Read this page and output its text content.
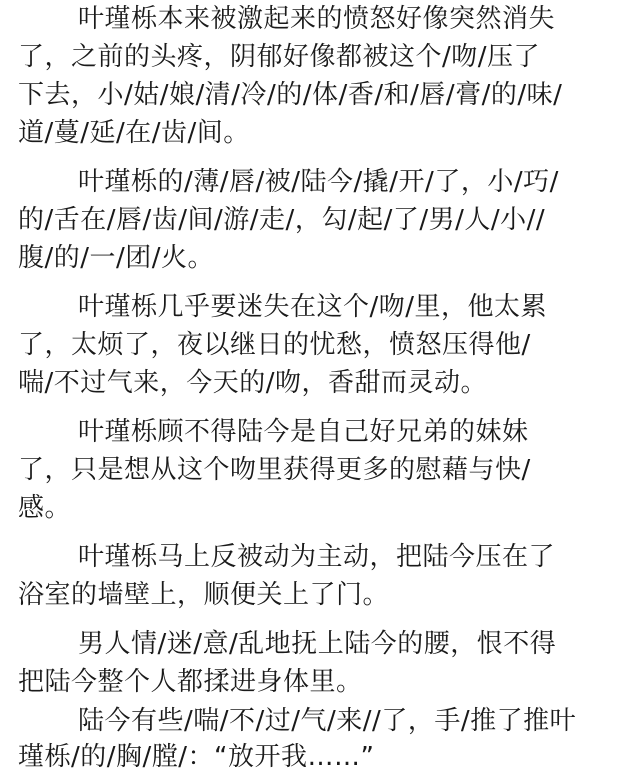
叶瑾栎本来被激起来的愤怒好像突然消失
了，之前的头疼，阴郁好像都被这个/吻/压了
下去，小/姑/娘/清/冷/的/体/香/和/唇/膏/的/味/
道/蔓/延/在/齿/间。
叶瑾栎的/薄/唇/被/陆今/撬/开/了，小/巧/
的/舌在/唇/齿/间/游/走/，勾/起/了/男/人/小//
腹/的/一/团/火。
叶瑾栎几乎要迷失在这个/吻/里，他太累
了，太烦了，夜以继日的忧愁，愤怒压得他/
喘/不过气来，今天的/吻，香甜而灵动。
叶瑾栎顾不得陆今是自己好兄弟的妹妹
了，只是想从这个吻里获得更多的慰藉与快/
感。
叶瑾栎马上反被动为主动，把陆今压在了
浴室的墙壁上，顺便关上了门。
男人情/迷/意/乱地抚上陆今的腰，恨不得
把陆今整个人都揉进身体里。
陆今有些/喘/不/过/气/来//了，手/推了推叶
瑾栎/的/胸/膛/：“放开我……”
